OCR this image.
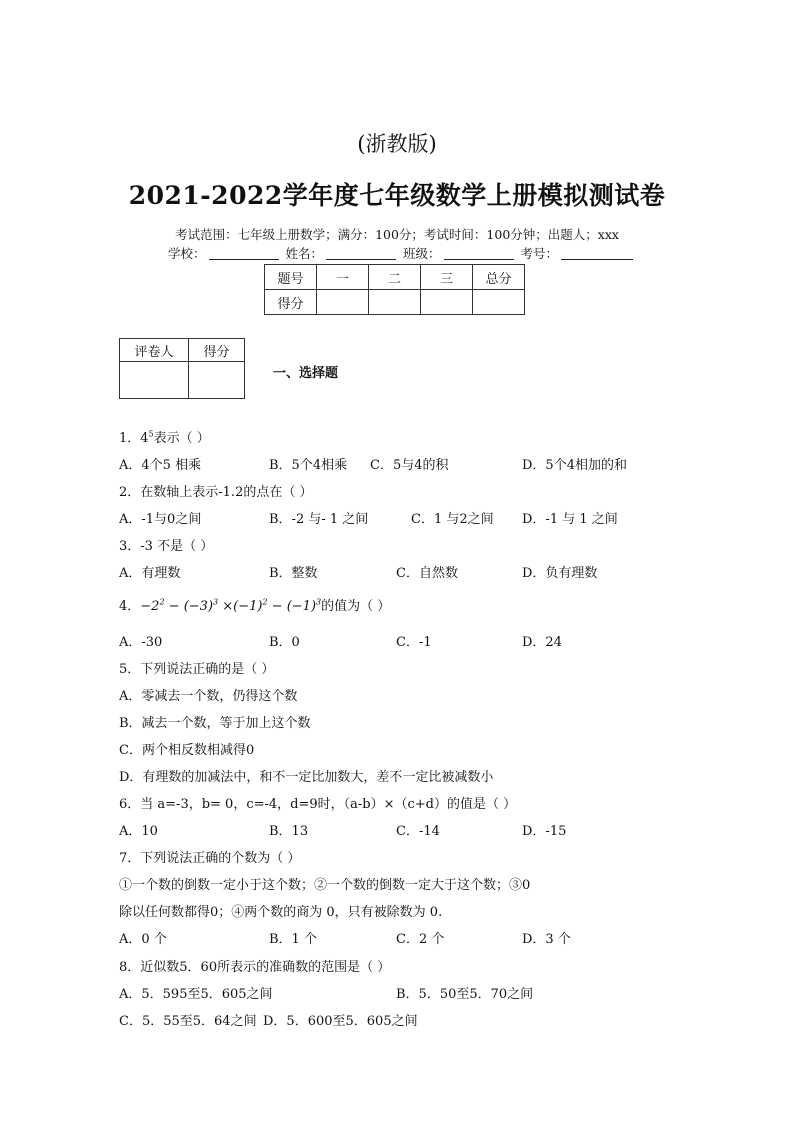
(浙教版)
2021-2022学年度七年级数学上册模拟测试卷
考试范围：七年级上册数学；满分：100分；考试时间：100分钟；出题人；xxx
学校：	姓名：	班级：	考号：
题号	一	二	三	总分
得分				
评卷人	得分

一、选择题
1．$4^5$表示（ ）
A．4个5 相乘	B．5个4相乘 C．5与4的积	D．5个4相加的和
2．在数轴上表示-1.2的点在（ ）
A．-1与0之间	B．-2 与- 1 之间	C．1 与2之间 D．-1 与 1 之间
3．-3 不是（ ）
A．有理数	B．整数	C．自然数	D．负有理数
4．$-2^2 - (-3)^3 \times(-1)^2 - (-1)^3$的值为（ ）
A．-30	B．0	C．-1	D．24
5．下列说法正确的是（ ）
A．零减去一个数，仍得这个数
B．减去一个数，等于加上这个数
C．两个相反数相减得0
D．有理数的加减法中，和不一定比加数大，差不一定比被减数小
6．当 a=-3，b= 0，c=-4，d=9时，（a-b）×（c+d）的值是（ ）
A．10	B．13	C．-14	D．-15
7．下列说法正确的个数为（ ）
①一个数的倒数一定小于这个数；②一个数的倒数一定大于这个数；③0
除以任何数都得0；④两个数的商为 0，只有被除数为 0.
A．0 个	B．1 个	C．2 个	D．3 个
8．近似数5．60所表示的准确数的范围是（ ）
A．5．595至5．605之间	B．5．50至5．70之间
C．5．55至5．64之间 D．5．600至5．605之间
